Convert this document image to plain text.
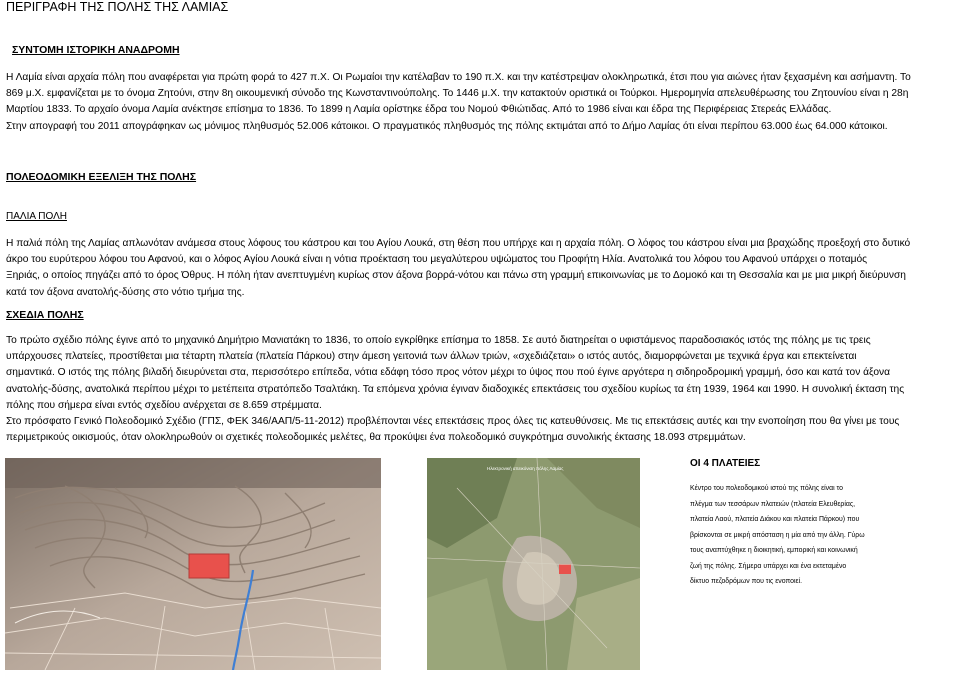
ΠΕΡΙΓΡΑΦΗ ΤΗΣ ΠΟΛΗΣ ΤΗΣ ΛΑΜΙΑΣ
ΣΥΝΤΟΜΗ ΙΣΤΟΡΙΚΗ ΑΝΑΔΡΟΜΗ
Η Λαμία είναι αρχαία πόλη που αναφέρεται για πρώτη φορά το 427 π.Χ. Οι Ρωμαίοι την κατέλαβαν το 190 π.Χ. και την κατέστρεψαν ολοκληρωτικά, έτσι που για αιώνες ήταν ξεχασμένη και ασήμαντη. Το
869 μ.Χ. εμφανίζεται με το όνομα Ζητούνι, στην 8η οικουμενική σύνοδο της Κωνσταντινούπολης. Το 1446 μ.Χ. την κατακτούν οριστικά οι Τούρκοι. Ημερομηνία απελευθέρωσης του Ζητουνίου είναι η 28η
Μαρτίου 1833. Το αρχαίο όνομα Λαμία ανέκτησε επίσημα το 1836. Το 1899 η Λαμία ορίστηκε έδρα του Νομού Φθιώτιδας. Από το 1986 είναι και έδρα της Περιφέρειας Στερεάς Ελλάδας.
Στην απογραφή του 2011 απογράφηκαν ως μόνιμος πληθυσμός 52.006 κάτοικοι. Ο πραγματικός πληθυσμός της πόλης εκτιμάται από το Δήμο Λαμίας ότι είναι περίπου 63.000 έως 64.000 κάτοικοι.
ΠΟΛΕΟΔΟΜΙΚΗ ΕΞΕΛΙΞΗ ΤΗΣ ΠΟΛΗΣ
ΠΑΛΙΑ ΠΟΛΗ
Η παλιά πόλη της Λαμίας απλωνόταν ανάμεσα στους λόφους του κάστρου και του Αγίου Λουκά, στη θέση που υπήρχε και η αρχαία πόλη. Ο λόφος του κάστρου είναι μια βραχώδης προεξοχή στο δυτικό
άκρο του ευρύτερου λόφου του Αφανού, και ο λόφος Αγίου Λουκά είναι η νότια προέκταση του μεγαλύτερου υψώματος του Προφήτη Ηλία. Ανατολικά του λόφου του Αφανού υπάρχει ο ποταμός
Ξηριάς, ο οποίος πηγάζει από το όρος Όθρυς. Η πόλη ήταν ανεπτυγμένη κυρίως στον άξονα βορρά-νότου και πάνω στη γραμμή επικοινωνίας με το Δομοκό και τη Θεσσαλία και με μια μικρή διεύρυνση
κατά τον άξονα ανατολής-δύσης στο νότιο τμήμα της.
ΣΧΕΔΙΑ ΠΟΛΗΣ
Το πρώτο σχέδιο πόλης έγινε από το μηχανικό Δημήτριο Μανιατάκη το 1836, το οποίο εγκρίθηκε επίσημα το 1858. Σε αυτό διατηρείται ο υφιστάμενος παραδοσιακός ιστός της πόλης με τις τρεις
υπάρχουσες πλατείες, προστίθεται μια τέταρτη πλατεία (πλατεία Πάρκου) στην άμεση γειτονιά των άλλων τριών, «σχεδιάζεται» ο ιστός αυτός, διαμορφώνεται με τεχνικά έργα και επεκτείνεται
σημαντικά. Ο ιστός της πόλης βιλαδή διευρύνεται στα, περισσότερο επίπεδα, νότια εδάφη τόσο προς νότον μέχρι το ύψος που πού έγινε αργότερα η σιδηροδρομική γραμμή, όσο και κατά τον άξονα
ανατολής-δύσης, ανατολικά περίπου μέχρι το μετέπειτα στρατόπεδο Τσαλτάκη. Τα επόμενα χρόνια έγιναν διαδοχικές επεκτάσεις του σχεδίου κυρίως τα έτη 1939, 1964 και 1990. Η συνολική έκταση της
πόλης που σήμερα είναι εντός σχεδίου ανέρχεται σε 8.659 στρέμματα.
Στο πρόσφατο Γενικό Πολεοδομικό Σχέδιο (ΓΠΣ, ΦΕΚ 346/ΑΑΠ/5-11-2012) προβλέπονται νέες επεκτάσεις προς όλες τις κατευθύνσεις. Με τις επεκτάσεις αυτές και την ενοποίηση που θα γίνει με τους
περιμετρικούς οικισμούς, όταν ολοκληρωθούν οι σχετικές πολεοδομικές μελέτες, θα προκύψει ένα πολεοδομικό συγκρότημα συνολικής έκτασης 18.093 στρεμμάτων.
Ηλεκτρονική απεικόνιση πόλης Λαμίας	ΟΙ 4 ΠΛΑΤΕΙΕΣ
Κέντρο του πολεοδομικού ιστού της πόλης είναι το
πλέγμα των τεσσάρων πλατειών (πλατεία Ελευθερίας,
πλατεία Λαού, πλατεία Διάκου και πλατεία Πάρκου) που
βρίσκονται σε μικρή απόσταση η μία από την άλλη. Γύρω
τους αναπτύχθηκε η διοικητική, εμπορική και κοινωνική
ζωή της πόλης. Σήμερα υπάρχει και ένα εκτεταμένο
δίκτυο πεζοδρόμων που τις ενοποιεί.
